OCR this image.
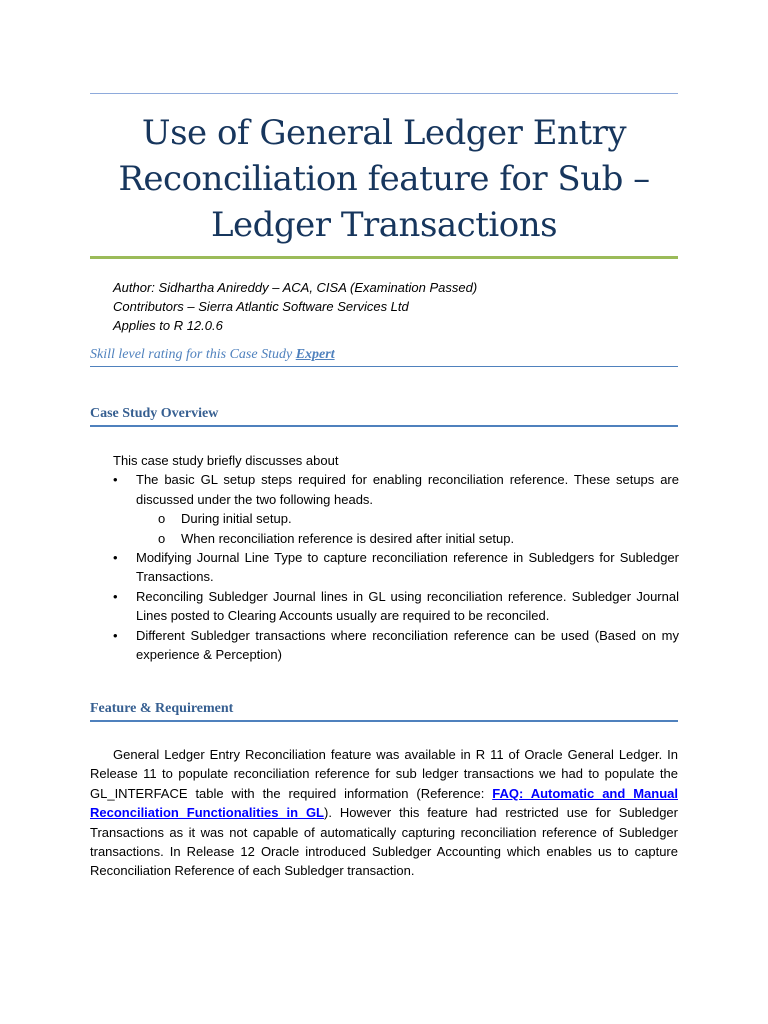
Use of General Ledger Entry
Reconciliation feature for Sub –
Ledger Transactions
Author: Sidhartha Anireddy – ACA, CISA (Examination Passed)
Contributors – Sierra Atlantic Software Services Ltd
Applies to R 12.0.6
Skill level rating for this Case Study Expert
Case Study Overview

This case study briefly discusses about

• The basic GL setup steps required for enabling reconciliation reference. These setups are discussed under the two following heads.
o During initial setup.
o When reconciliation reference is desired after initial setup.
• Modifying Journal Line Type to capture reconciliation reference in Subledgers for Subledger Transactions.
• Reconciling Subledger Journal lines in GL using reconciliation reference. Subledger Journal Lines posted to Clearing Accounts usually are required to be reconciled.
• Different Subledger transactions where reconciliation reference can be used (Based on my experience & Perception)
Feature & Requirement

General Ledger Entry Reconciliation feature was available in R 11 of Oracle General Ledger. In Release 11 to populate reconciliation reference for sub ledger transactions we had to populate the GL_INTERFACE table with the required information (Reference: FAQ: Automatic and Manual Reconciliation Functionalities in GL). However this feature had restricted use for Subledger Transactions as it was not capable of automatically capturing reconciliation reference of Subledger transactions. In Release 12 Oracle introduced Subledger Accounting which enables us to capture Reconciliation Reference of each Subledger transaction.
